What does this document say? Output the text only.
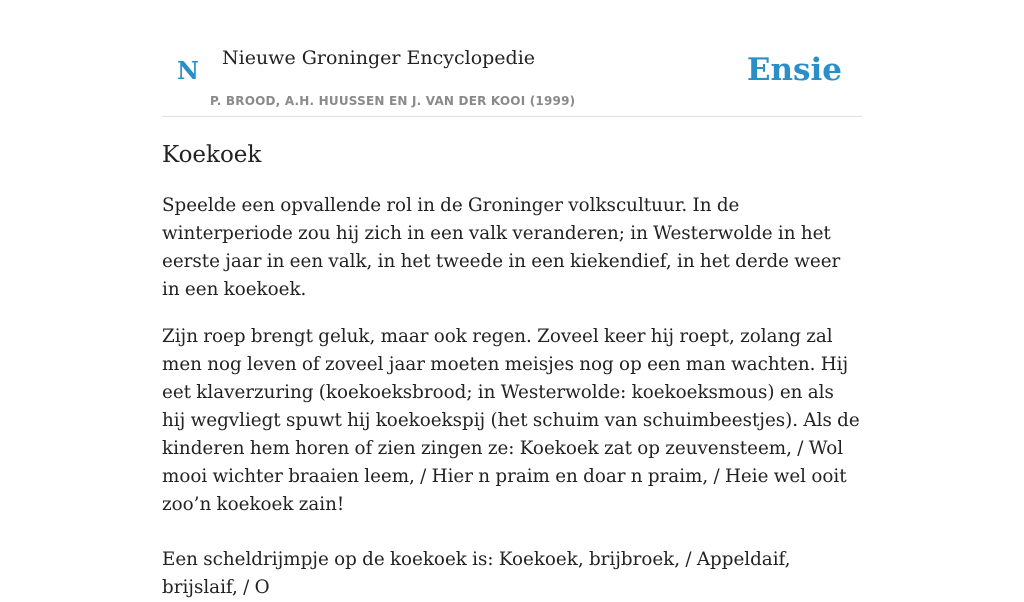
N Nieuwe Groninger Encyclopedie
P. BROOD, A.H. HUUSSEN EN J. VAN DER KOOI (1999)
Ensie
Koekoek

Speelde een opvallende rol in de Groninger volkscultuur. In de winterperiode zou hij zich in een valk veranderen; in Westerwolde in het eerste jaar in een valk, in het tweede in een kiekendief, in het derde weer in een koekoek.

Zijn roep brengt geluk, maar ook regen. Zoveel keer hij roept, zolang zal men nog leven of zoveel jaar moeten meisjes nog op een man wachten. Hij eet klaverzuring (koekoeksbrood; in Westerwolde: koekoeksmous) en als hij wegvliegt spuwt hij koekoekspij (het schuim van schuimbeestjes). Als de kinderen hem horen of zien zingen ze: Koekoek zat op zeuvensteem, / Wol mooi wichter braaien leem, / Hier n praim en doar n praim, / Heie wel ooit zoo’n koekoek zain!

Een scheldrijmpje op de koekoek is: Koekoek, brijbroek, / Appeldaif, brijslaif, / O
